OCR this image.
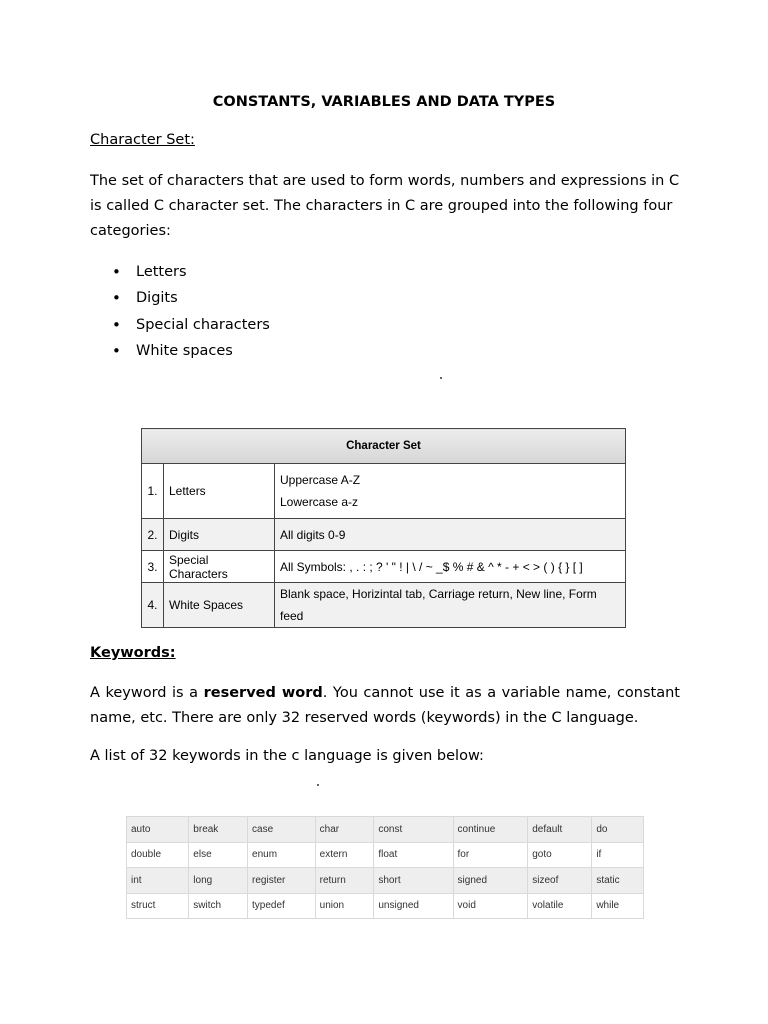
CONSTANTS, VARIABLES AND DATA TYPES
Character Set:
The set of characters that are used to form words, numbers and expressions in C
is called C character set. The characters in C are grouped into the following four
categories:
• Letters
• Digits
• Special characters
• White spaces
Character Set		
1.	Letters	Uppercase A-Z
Lowercase a-z

2.	Digits	All digits 0-9
3.	Special Characters	All Symbols: , . : ; ? ' " ! | \ / ~ _$ % # & ^ * - + < > ( ) { } [ ]
4.	White Spaces	Blank space, Horizintal tab, Carriage return, New line, Form feed
Keywords:
A keyword is a reserved word. You cannot use it as a variable name, constant name, etc. There are only 32 reserved words (keywords) in the C language.
A list of 32 keywords in the c language is given below:
auto	break	case	char	const	continue	default	do
double	else	enum	extern	float	for	goto	if
int	long	register	return	short	signed	sizeof	static
struct	switch	typedef	union	unsigned	void	volatile	while
